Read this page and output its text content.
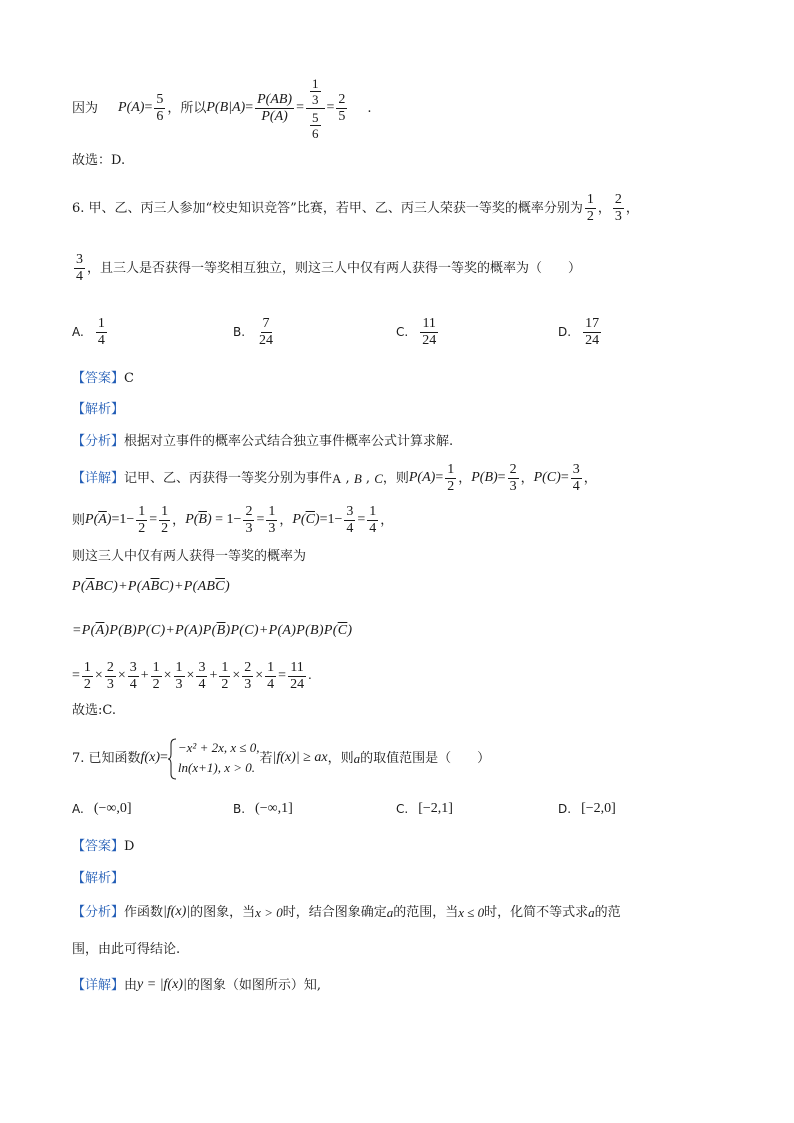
因为 $P(A) = \frac{5}{6}$ ，所以 $P(B|A) = \frac{P(AB)}{P(A)} = \frac{\frac{1}{3}}{\frac{5}{6}} = \frac{2}{5}$ .
故选：D.
6. 甲、乙、丙三人参加“校史知识竞答”比赛，若甲、乙、丙三人荣获一等奖的概率分别为 $\frac{1}{2}$ ， $\frac{2}{3}$ ，
$\frac{3}{4}$ ，且三人是否获得一等奖相互独立，则这三人中仅有两人获得一等奖的概率为（　　）
A. $\frac{1}{4}$	B. $\frac{7}{24}$	C. $\frac{11}{24}$	D. $\frac{17}{24}$
【答案】 C
【解析】
【分析】 根据对立事件的概率公式结合独立事件概率公式计算求解.
【详解】 记甲、乙、丙获得一等奖分别为事件 A , B , C ，则 $P(A) = \frac{1}{2}$ ， $P(B) = \frac{2}{3}$ ， $P(C) = \frac{3}{4}$ ，
则 $P(\overline{A}) =1- \frac{1}{2} = \frac{1}{2}$ ， $P(\overline{B}) = 1- \frac{2}{3} = \frac{1}{3}$ ， $P(\overline{C}) =1- \frac{3}{4} = \frac{1}{4}$ ，
则这三人中仅有两人获得一等奖的概率为
$P(\overline{A}BC)+P(A\overline{B}C)+P(AB\overline{C})$
$=P(\overline{A})P(B)P(C)+P(A)P(\overline{B})P(C)+P(A)P(B)P(\overline{C})$
= $\frac{1}{2} \times \frac{2}{3} \times \frac{3}{4} + \frac{1}{2} \times \frac{1}{3} \times \frac{3}{4} + \frac{1}{2} \times \frac{2}{3} \times \frac{1}{4} = \frac{11}{24}$ .
故选:C.
7. 已知函数 f(x) =
−x² + 2x, x ≤ 0,
ln(x+1), x > 0.
若 |f(x)| ≥ ax ，则 a 的取值范围是（　　）
A. (−∞,0]	B. (−∞,1]	C. [−2,1]	D. [−2,0]
【答案】 D
【解析】
【分析】 作函数 |f(x)| 的图象，当 x > 0 时，结合图象确定 a 的范围，当 x ≤ 0 时，化简不等式求 a 的范
围，由此可得结论.
【详解】 由 y = |f(x)| 的图象（如图所示）知,
